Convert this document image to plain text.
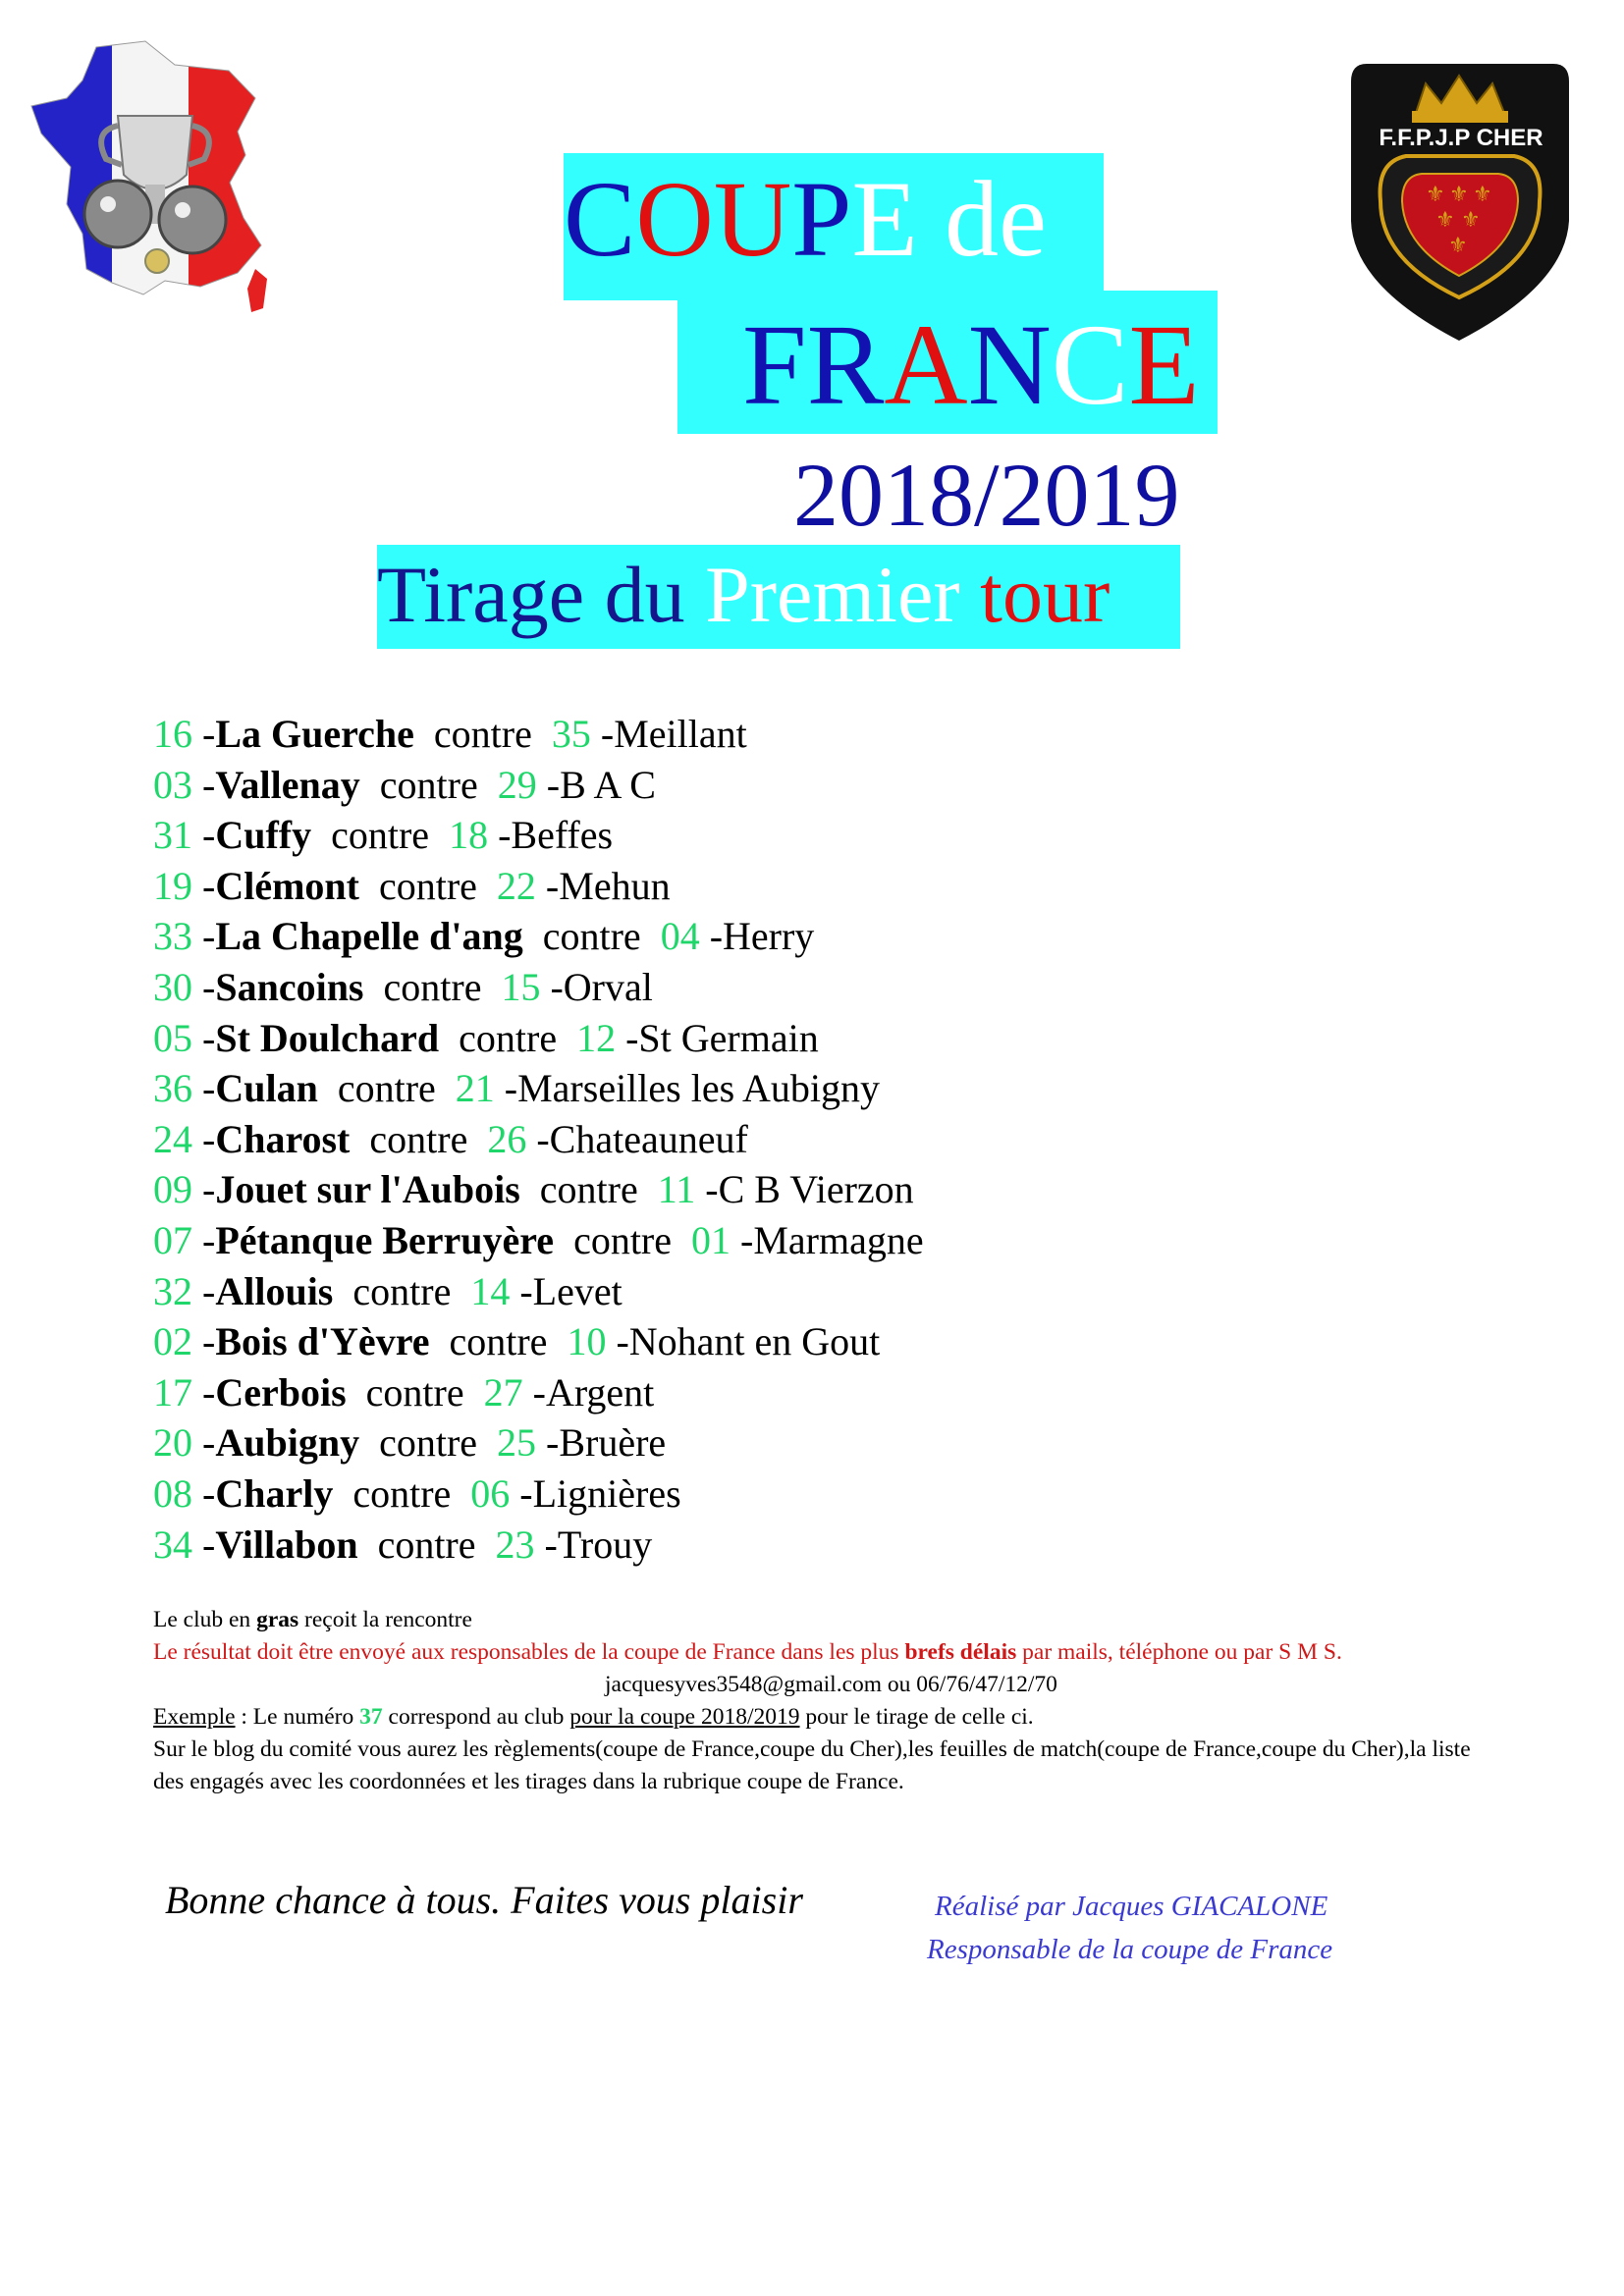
⚜ ⚜ ⚜
⚜ ⚜
⚜
F.F.P.J.P CHER
COUPE de
FRANCE
2018/2019
Tirage du Premier tour
16 -La Guerche contre 35 -Meillant
03 -Vallenay contre 29 -B A C
31 -Cuffy contre 18 -Beffes
19 -Clémont contre 22 -Mehun
33 -La Chapelle d'ang contre 04 -Herry
30 -Sancoins contre 15 -Orval
05 -St Doulchard contre 12 -St Germain
36 -Culan contre 21 -Marseilles les Aubigny
24 -Charost contre 26 -Chateauneuf
09 -Jouet sur l'Aubois contre 11 -C B Vierzon
07 -Pétanque Berruyère contre 01 -Marmagne
32 -Allouis contre 14 -Levet
02 -Bois d'Yèvre contre 10 -Nohant en Gout
17 -Cerbois contre 27 -Argent
20 -Aubigny contre 25 -Bruère
08 -Charly contre 06 -Lignières
34 -Villabon contre 23 -Trouy

Le club en gras reçoit la rencontre

Le résultat doit être envoyé aux responsables de la coupe de France dans les plus brefs délais par mails, téléphone ou par S M S.

jacquesyves3548@gmail.com ou 06/76/47/12/70

Exemple : Le numéro 37 correspond au club pour la coupe 2018/2019 pour le tirage de celle ci.

Sur le blog du comité vous aurez les règlements(coupe de France,coupe du Cher),les feuilles de match(coupe de France,coupe du Cher),la liste des engagés avec les coordonnées et les tirages dans la rubrique coupe de France.

Bonne chance à tous. Faites vous plaisir	Réalisé par Jacques GIACALONE
Responsable de la coupe de France
